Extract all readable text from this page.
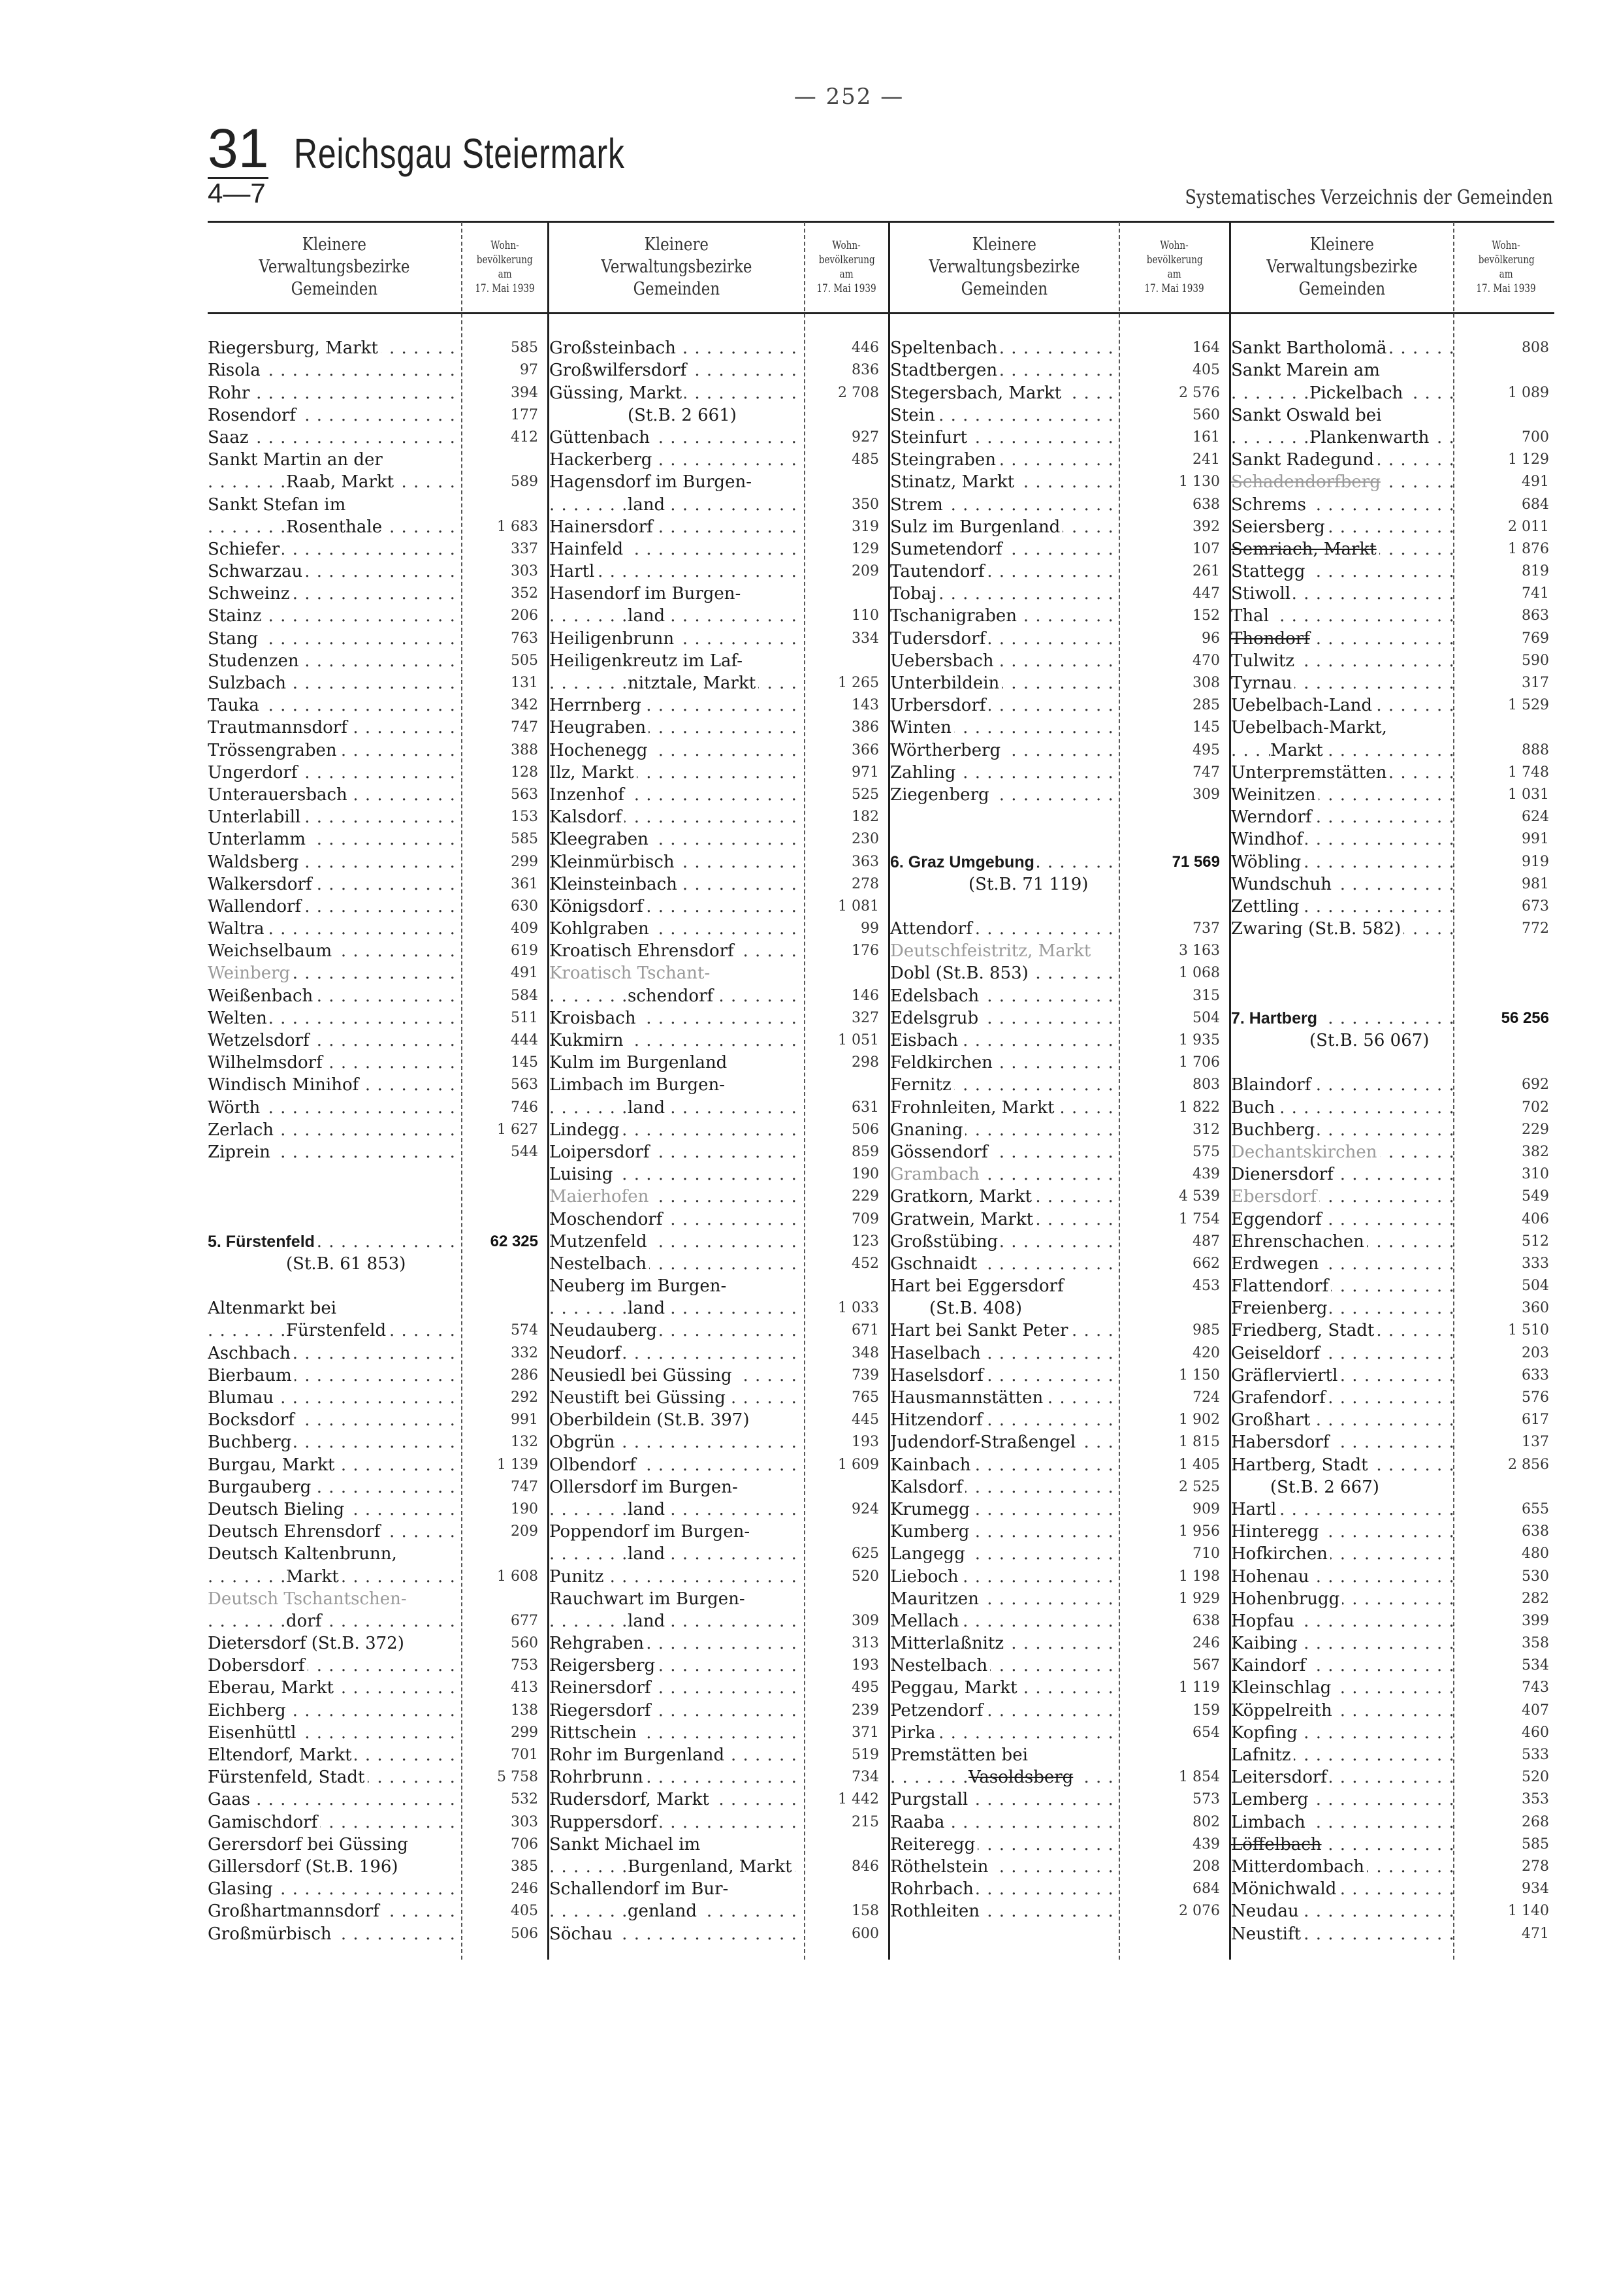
— 252 —
31 Reichsgau Steiermark
4—7	Systematisches Verzeichnis der Gemeinden
Kleinere
Verwaltungsbezirke
Gemeinden
Riegersburg, Markt . . .
Risola . . .
Rohr . . .
Rosendorf . . .
Saaz . . .
Sankt Martin an der
Raab, Markt . . .
Sankt Stefan im
Rosenthale . . .
Schiefer . . .
Schwarzau . . .
Schweinz . . .
Stainz . . .
Stang . . .
Studenzen . . .
Sulzbach . . .
Tauka . . .
Trautmannsdorf . . .
Trössengraben . . .
Ungerdorf . . .
Unterauersbach . . .
Unterlabill . . .
Unterlamm . . .
Waldsberg . . .
Walkersdorf . . .
Wallendorf . . .
Waltra . . .
Weichselbaum . . .
Weinberg . . .
Weißenbach . . .
Welten . . .
Wetzelsdorf . . .
Wilhelmsdorf . . .
Windisch Minihof . . .
Wörth . . .
Zerlach . . .
Ziprein . . .
5. Fürstenfeld . . .
(St.B. 61 853)
Altenmarkt bei
Fürstenfeld . . .
Aschbach . . .
Bierbaum . . .
Blumau . . .
Bocksdorf . . .
Buchberg . . .
Burgau, Markt . . .
Burgauberg . . .
Deutsch Bieling . . .
Deutsch Ehrensdorf . . .
Deutsch Kaltenbrunn,
Markt . . .
Deutsch Tschantschen-
dorf . . .
Dietersdorf (St.B. 372)
Dobersdorf . . .
Eberau, Markt . . .
Eichberg . . .
Eisenhüttl . . .
Eltendorf, Markt . . .
Fürstenfeld, Stadt . . .
Gaas . . .
Gamischdorf . . .
Gerersdorf bei Güssing
Gillersdorf (St.B. 196)
Glasing . . .
Großhartmannsdorf . . .
Großmürbisch . . .
Wohn-
bevölkerung
am
17. Mai 1939
585
97
394
177
412
589
1 683
337
303
352
206
763
505
131
342
747
388
128
563
153
585
299
361
630
409
619
491
584
511
444
145
563
746
1 627
544
62 325
574
332
286
292
991
132
1 139
747
190
209
1 608
677
560
753
413
138
299
701
5 758
532
303
706
385
246
405
506
Kleinere
Verwaltungsbezirke
Gemeinden
Großsteinbach . . .
Großwilfersdorf . . .
Güssing, Markt . . .
(St.B. 2 661)
Güttenbach . . .
Hackerberg . . .
Hagensdorf im Burgen-
land . . .
Hainersdorf . . .
Hainfeld . . .
Hartl . . .
Hasendorf im Burgen-
land . . .
Heiligenbrunn . . .
Heiligenkreutz im Laf-
nitztale, Markt . . .
Herrnberg . . .
Heugraben . . .
Hochenegg . . .
Ilz, Markt . . .
Inzenhof . . .
Kalsdorf . . .
Kleegraben . . .
Kleinmürbisch . . .
Kleinsteinbach . . .
Königsdorf . . .
Kohlgraben . . .
Kroatisch Ehrensdorf . . .
Kroatisch Tschant-
schendorf . . .
Kroisbach . . .
Kukmirn . . .
Kulm im Burgenland
Limbach im Burgen-
land . . .
Lindegg . . .
Loipersdorf . . .
Luising . . .
Maierhofen . . .
Moschendorf . . .
Mutzenfeld . . .
Nestelbach . . .
Neuberg im Burgen-
land . . .
Neudauberg . . .
Neudorf . . .
Neusiedl bei Güssing . . .
Neustift bei Güssing . . .
Oberbildein (St.B. 397)
Obgrün . . .
Olbendorf . . .
Ollersdorf im Burgen-
land . . .
Poppendorf im Burgen-
land . . .
Punitz . . .
Rauchwart im Burgen-
land . . .
Rehgraben . . .
Reigersberg . . .
Reinersdorf . . .
Riegersdorf . . .
Rittschein . . .
Rohr im Burgenland . . .
Rohrbrunn . . .
Rudersdorf, Markt . . .
Ruppersdorf . . .
Sankt Michael im
Burgenland, Markt . . .
Schallendorf im Bur-
genland . . .
Söchau . . .
Wohn-
bevölkerung
am
17. Mai 1939
446
836
2 708
927
485
350
319
129
209
110
334
1 265
143
386
366
971
525
182
230
363
278
1 081
99
176
146
327
1 051
298
631
506
859
190
229
709
123
452
1 033
671
348
739
765
445
193
1 609
924
625
520
309
313
193
495
239
371
519
734
1 442
215
846
158
600
Kleinere
Verwaltungsbezirke
Gemeinden
Speltenbach . . .
Stadtbergen . . .
Stegersbach, Markt . . .
Stein . . .
Steinfurt . . .
Steingraben . . .
Stinatz, Markt . . .
Strem . . .
Sulz im Burgenland . . .
Sumetendorf . . .
Tautendorf . . .
Tobaj . . .
Tschanigraben . . .
Tudersdorf . . .
Uebersbach . . .
Unterbildein . . .
Urbersdorf . . .
Winten . . .
Wörtherberg . . .
Zahling . . .
Ziegenberg . . .
6. Graz Umgebung . . .
(St.B. 71 119)
Attendorf . . .
Deutschfeistritz, Markt
Dobl (St.B. 853) . . .
Edelsbach . . .
Edelsgrub . . .
Eisbach . . .
Feldkirchen . . .
Fernitz . . .
Frohnleiten, Markt . . .
Gnaning . . .
Gössendorf . . .
Grambach . . .
Gratkorn, Markt . . .
Gratwein, Markt . . .
Großstübing . . .
Gschnaidt . . .
Hart bei Eggersdorf
(St.B. 408)
Hart bei Sankt Peter . . .
Haselbach . . .
Haselsdorf . . .
Hausmannstätten . . .
Hitzendorf . . .
Judendorf-Straßengel . . .
Kainbach . . .
Kalsdorf . . .
Krumegg . . .
Kumberg . . .
Langegg . . .
Lieboch . . .
Mauritzen . . .
Mellach . . .
Mitterlaßnitz . . .
Nestelbach . . .
Peggau, Markt . . .
Petzendorf . . .
Pirka . . .
Premstätten bei
Vasoldsberg . . .
Purgstall . . .
Raaba . . .
Reiteregg . . .
Röthelstein . . .
Rohrbach . . .
Rothleiten . . .
Wohn-
bevölkerung
am
17. Mai 1939
164
405
2 576
560
161
241
1 130
638
392
107
261
447
152
96
470
308
285
145
495
747
309
71 569
737
3 163
1 068
315
504
1 935
1 706
803
1 822
312
575
439
4 539
1 754
487
662
453
985
420
1 150
724
1 902
1 815
1 405
2 525
909
1 956
710
1 198
1 929
638
246
567
1 119
159
654
1 854
573
802
439
208
684
2 076
Kleinere
Verwaltungsbezirke
Gemeinden
Sankt Bartholomä . . .
Sankt Marein am
Pickelbach . . .
Sankt Oswald bei
Plankenwarth . . .
Sankt Radegund . . .
Schadendorfberg . . .
Schrems . . .
Seiersberg . . .
Semriach, Markt . . .
Stattegg . . .
Stiwoll . . .
Thal . . .
Thondorf . . .
Tulwitz . . .
Tyrnau . . .
Uebelbach-Land . . .
Uebelbach-Markt,
Markt . . .
Unterpremstätten . . .
Weinitzen . . .
Werndorf . . .
Windhof . . .
Wöbling . . .
Wundschuh . . .
Zettling . . .
Zwaring (St.B. 582) . . .
7. Hartberg . . .
(St.B. 56 067)
Blaindorf . . .
Buch . . .
Buchberg . . .
Dechantskirchen . . .
Dienersdorf . . .
Ebersdorf . . .
Eggendorf . . .
Ehrenschachen . . .
Erdwegen . . .
Flattendorf . . .
Freienberg . . .
Friedberg, Stadt . . .
Geiseldorf . . .
Gräflerviertl . . .
Grafendorf . . .
Großhart . . .
Habersdorf . . .
Hartberg, Stadt . . .
(St.B. 2 667)
Hartl . . .
Hinteregg . . .
Hofkirchen . . .
Hohenau . . .
Hohenbrugg . . .
Hopfau . . .
Kaibing . . .
Kaindorf . . .
Kleinschlag . . .
Köppelreith . . .
Kopfing . . .
Lafnitz . . .
Leitersdorf . . .
Lemberg . . .
Limbach . . .
Löffelbach . . .
Mitterdombach . . .
Mönichwald . . .
Neudau . . .
Neustift . . .
Wohn-
bevölkerung
am
17. Mai 1939
808
1 089
700
1 129
491
684
2 011
1 876
819
741
863
769
590
317
1 529
888
1 748
1 031
624
991
919
981
673
772
56 256
692
702
229
382
310
549
406
512
333
504
360
1 510
203
633
576
617
137
2 856
655
638
480
530
282
399
358
534
743
407
460
533
520
353
268
585
278
934
1 140
471
